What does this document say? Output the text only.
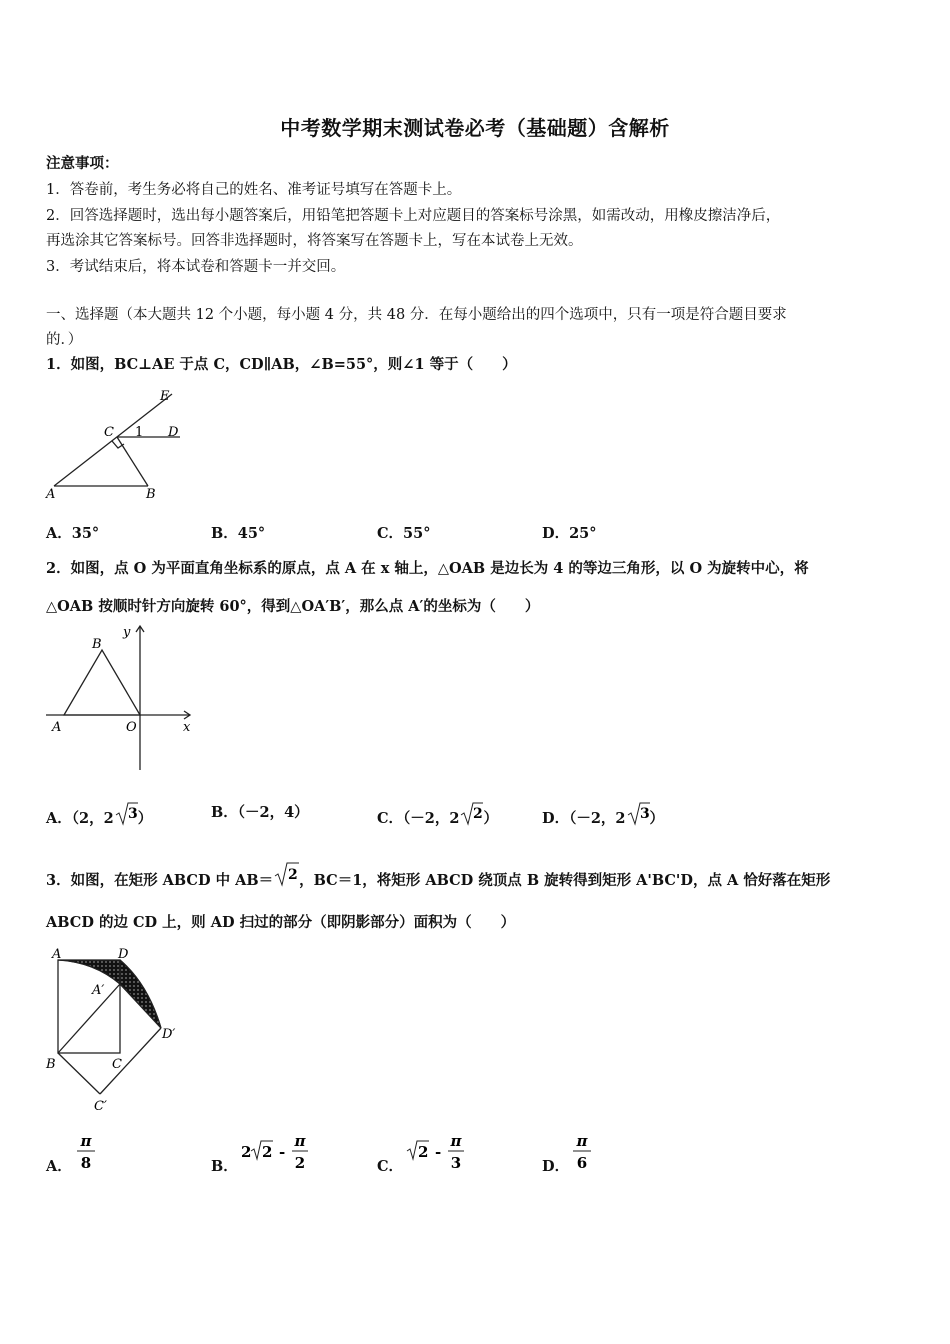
中考数学期末测试卷必考（基础题）含解析
注意事项：
1．答卷前，考生务必将自己的姓名、准考证号填写在答题卡上。
2．回答选择题时，选出每小题答案后，用铅笔把答题卡上对应题目的答案标号涂黑，如需改动，用橡皮擦洁净后，
再选涂其它答案标号。回答非选择题时，将答案写在答题卡上，写在本试卷上无效。
3．考试结束后，将本试卷和答题卡一并交回。
一、选择题（本大题共 12 个小题，每小题 4 分，共 48 分．在每小题给出的四个选项中，只有一项是符合题目要求
的．）
1．如图，BC⊥AE 于点 C，CD∥AB，∠B=55°，则∠1 等于（　　）
E
C 1 D
A	B
A．35°	B．45°	C．55°	D．25°
2．如图，点 O 为平面直角坐标系的原点，点 A 在 x 轴上，△OAB 是边长为 4 的等边三角形，以 O 为旋转中心，将
△OAB 按顺时针方向旋转 60°，得到△OA′B′，那么点 A′的坐标为（　　）
B
y
A	O	x
A．（2，2 3 ）	B．（－2，4）	C．（－2，2 2 ）	D．（－2，2 3 ）
3．如图，在矩形 ABCD 中 AB＝ 2 ，BC＝1，将矩形 ABCD 绕顶点 B 旋转得到矩形 A'BC'D，点 A 恰好落在矩形
ABCD 的边 CD 上，则 AD 扫过的部分（即阴影部分）面积为（　　）
A	D
A′
D′
B	C
C′
A．
π
8	B．
2 2 -
π
2	C．
2 -
π
3	D．
π
6
